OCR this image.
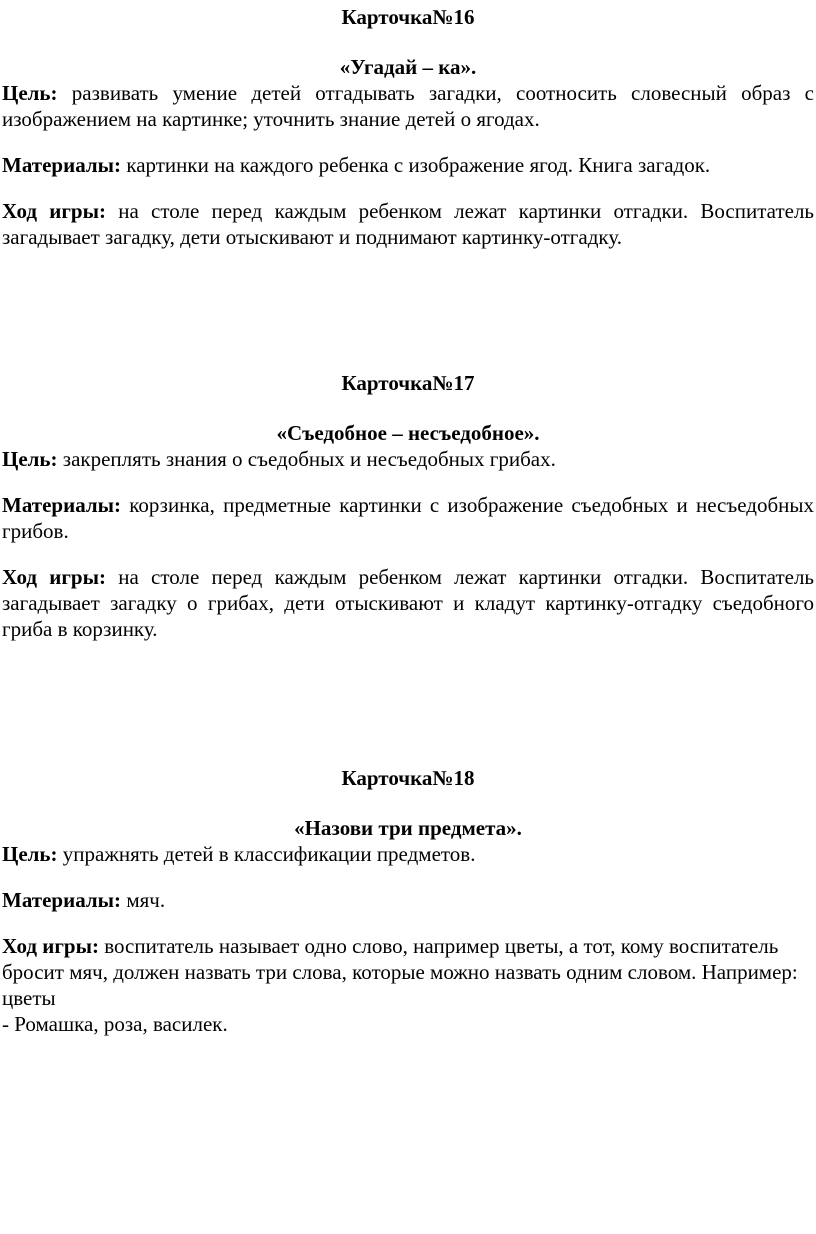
Карточка№16
«Угадай – ка».

Цель: развивать умение детей отгадывать загадки, соотносить словесный образ с изображением на картинке; уточнить знание детей о ягодах.

Материалы: картинки на каждого ребенка с изображение ягод. Книга загадок.

Ход игры: на столе перед каждым ребенком лежат картинки отгадки. Воспитатель загадывает загадку, дети отыскивают и поднимают картинку-отгадку.

Карточка№17
«Съедобное – несъедобное».

Цель: закреплять знания о съедобных и несъедобных грибах.

Материалы: корзинка, предметные картинки с изображение съедобных и несъедобных грибов.

Ход игры: на столе перед каждым ребенком лежат картинки отгадки. Воспитатель загадывает загадку о грибах, дети отыскивают и кладут картинку-отгадку съедобного гриба в корзинку.

Карточка№18
«Назови три предмета».

Цель: упражнять детей в классификации предметов.

Материалы: мяч.

Ход игры: воспитатель называет одно слово, например цветы, а тот, кому воспитатель бросит мяч, должен назвать три слова, которые можно назвать одним словом. Например: цветы

- Ромашка, роза, василек.
